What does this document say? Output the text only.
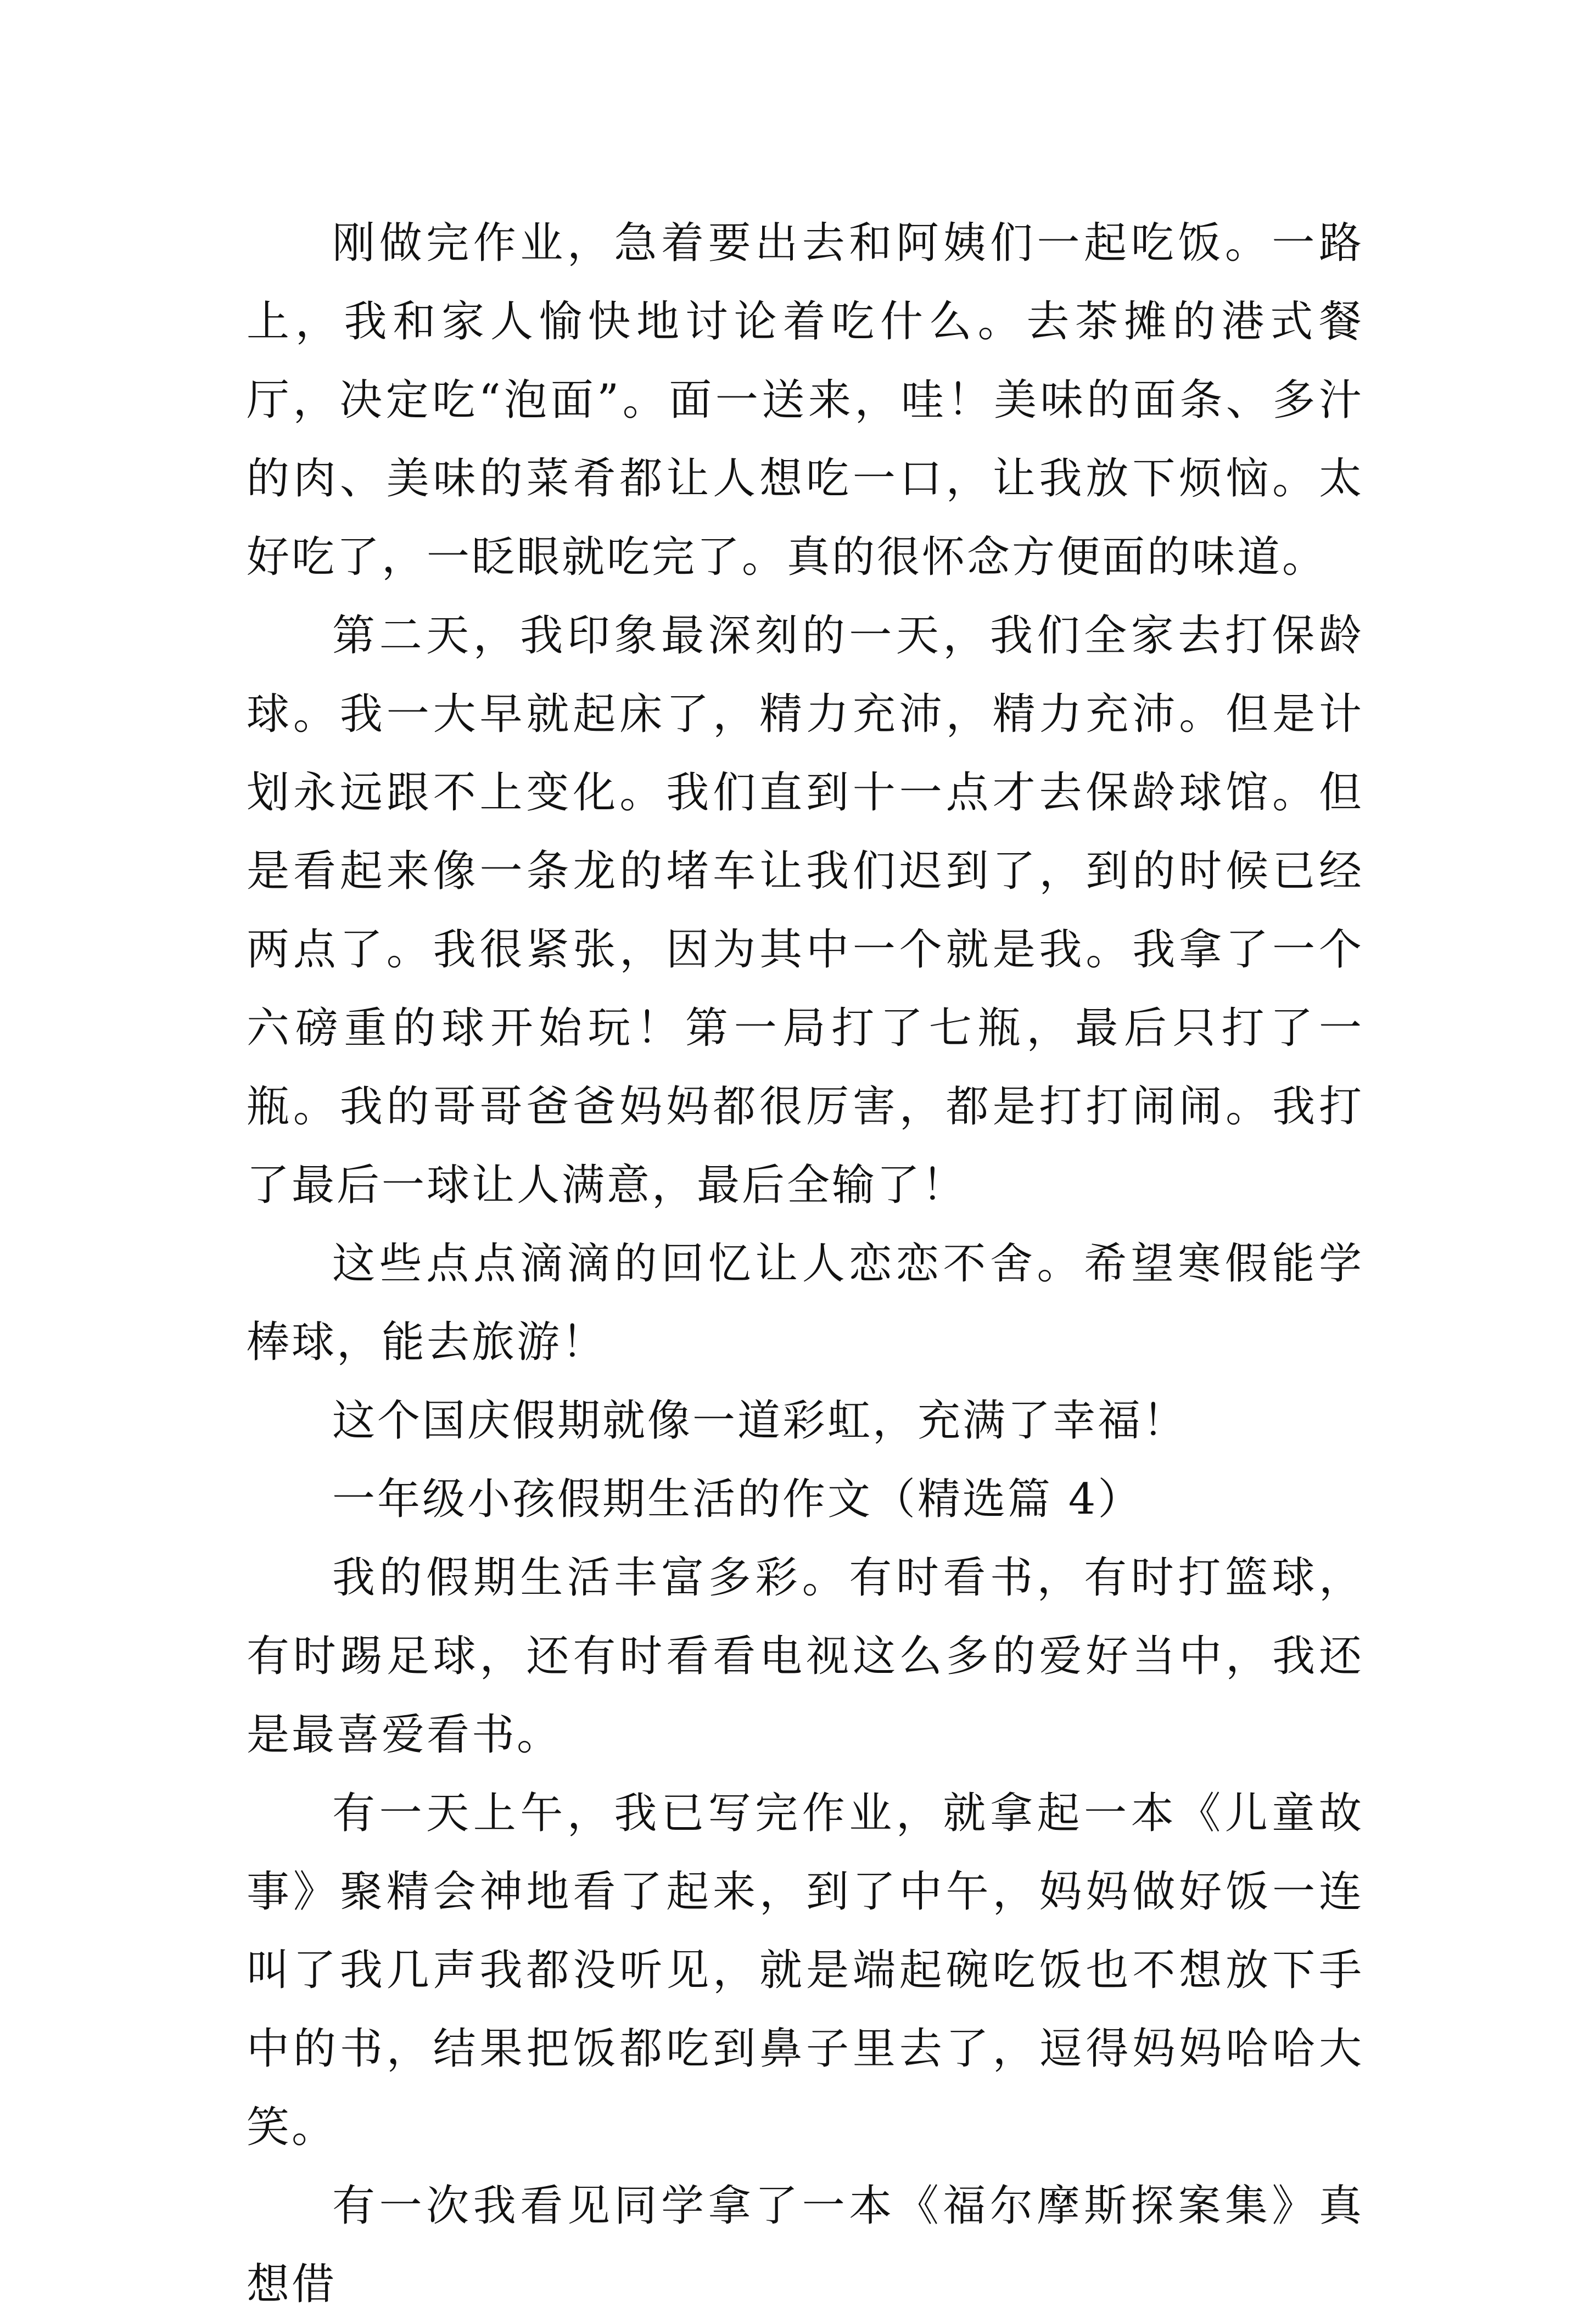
刚做完作业，急着要出去和阿姨们一起吃饭。一路上，我和家人愉快地讨论着吃什么。去茶摊的港式餐厅，决定吃“泡面”。面一送来，哇！美味的面条、多汁的肉、美味的菜肴都让人想吃一口，让我放下烦恼。太好吃了，一眨眼就吃完了。真的很怀念方便面的味道。

第二天，我印象最深刻的一天，我们全家去打保龄球。我一大早就起床了，精力充沛，精力充沛。但是计划永远跟不上变化。我们直到十一点才去保龄球馆。但是看起来像一条龙的堵车让我们迟到了，到的时候已经两点了。我很紧张，因为其中一个就是我。我拿了一个六磅重的球开始玩！第一局打了七瓶，最后只打了一瓶。我的哥哥爸爸妈妈都很厉害，都是打打闹闹。我打了最后一球让人满意，最后全输了！

这些点点滴滴的回忆让人恋恋不舍。希望寒假能学棒球，能去旅游！

这个国庆假期就像一道彩虹，充满了幸福！

一年级小孩假期生活的作文（精选篇 4）

我的假期生活丰富多彩。有时看书，有时打篮球，有时踢足球，还有时看看电视这么多的爱好当中，我还是最喜爱看书。

有一天上午，我已写完作业，就拿起一本《儿童故事》聚精会神地看了起来，到了中午，妈妈做好饭一连叫了我几声我都没听见，就是端起碗吃饭也不想放下手中的书，结果把饭都吃到鼻子里去了，逗得妈妈哈哈大笑。

有一次我看见同学拿了一本《福尔摩斯探案集》真想借
